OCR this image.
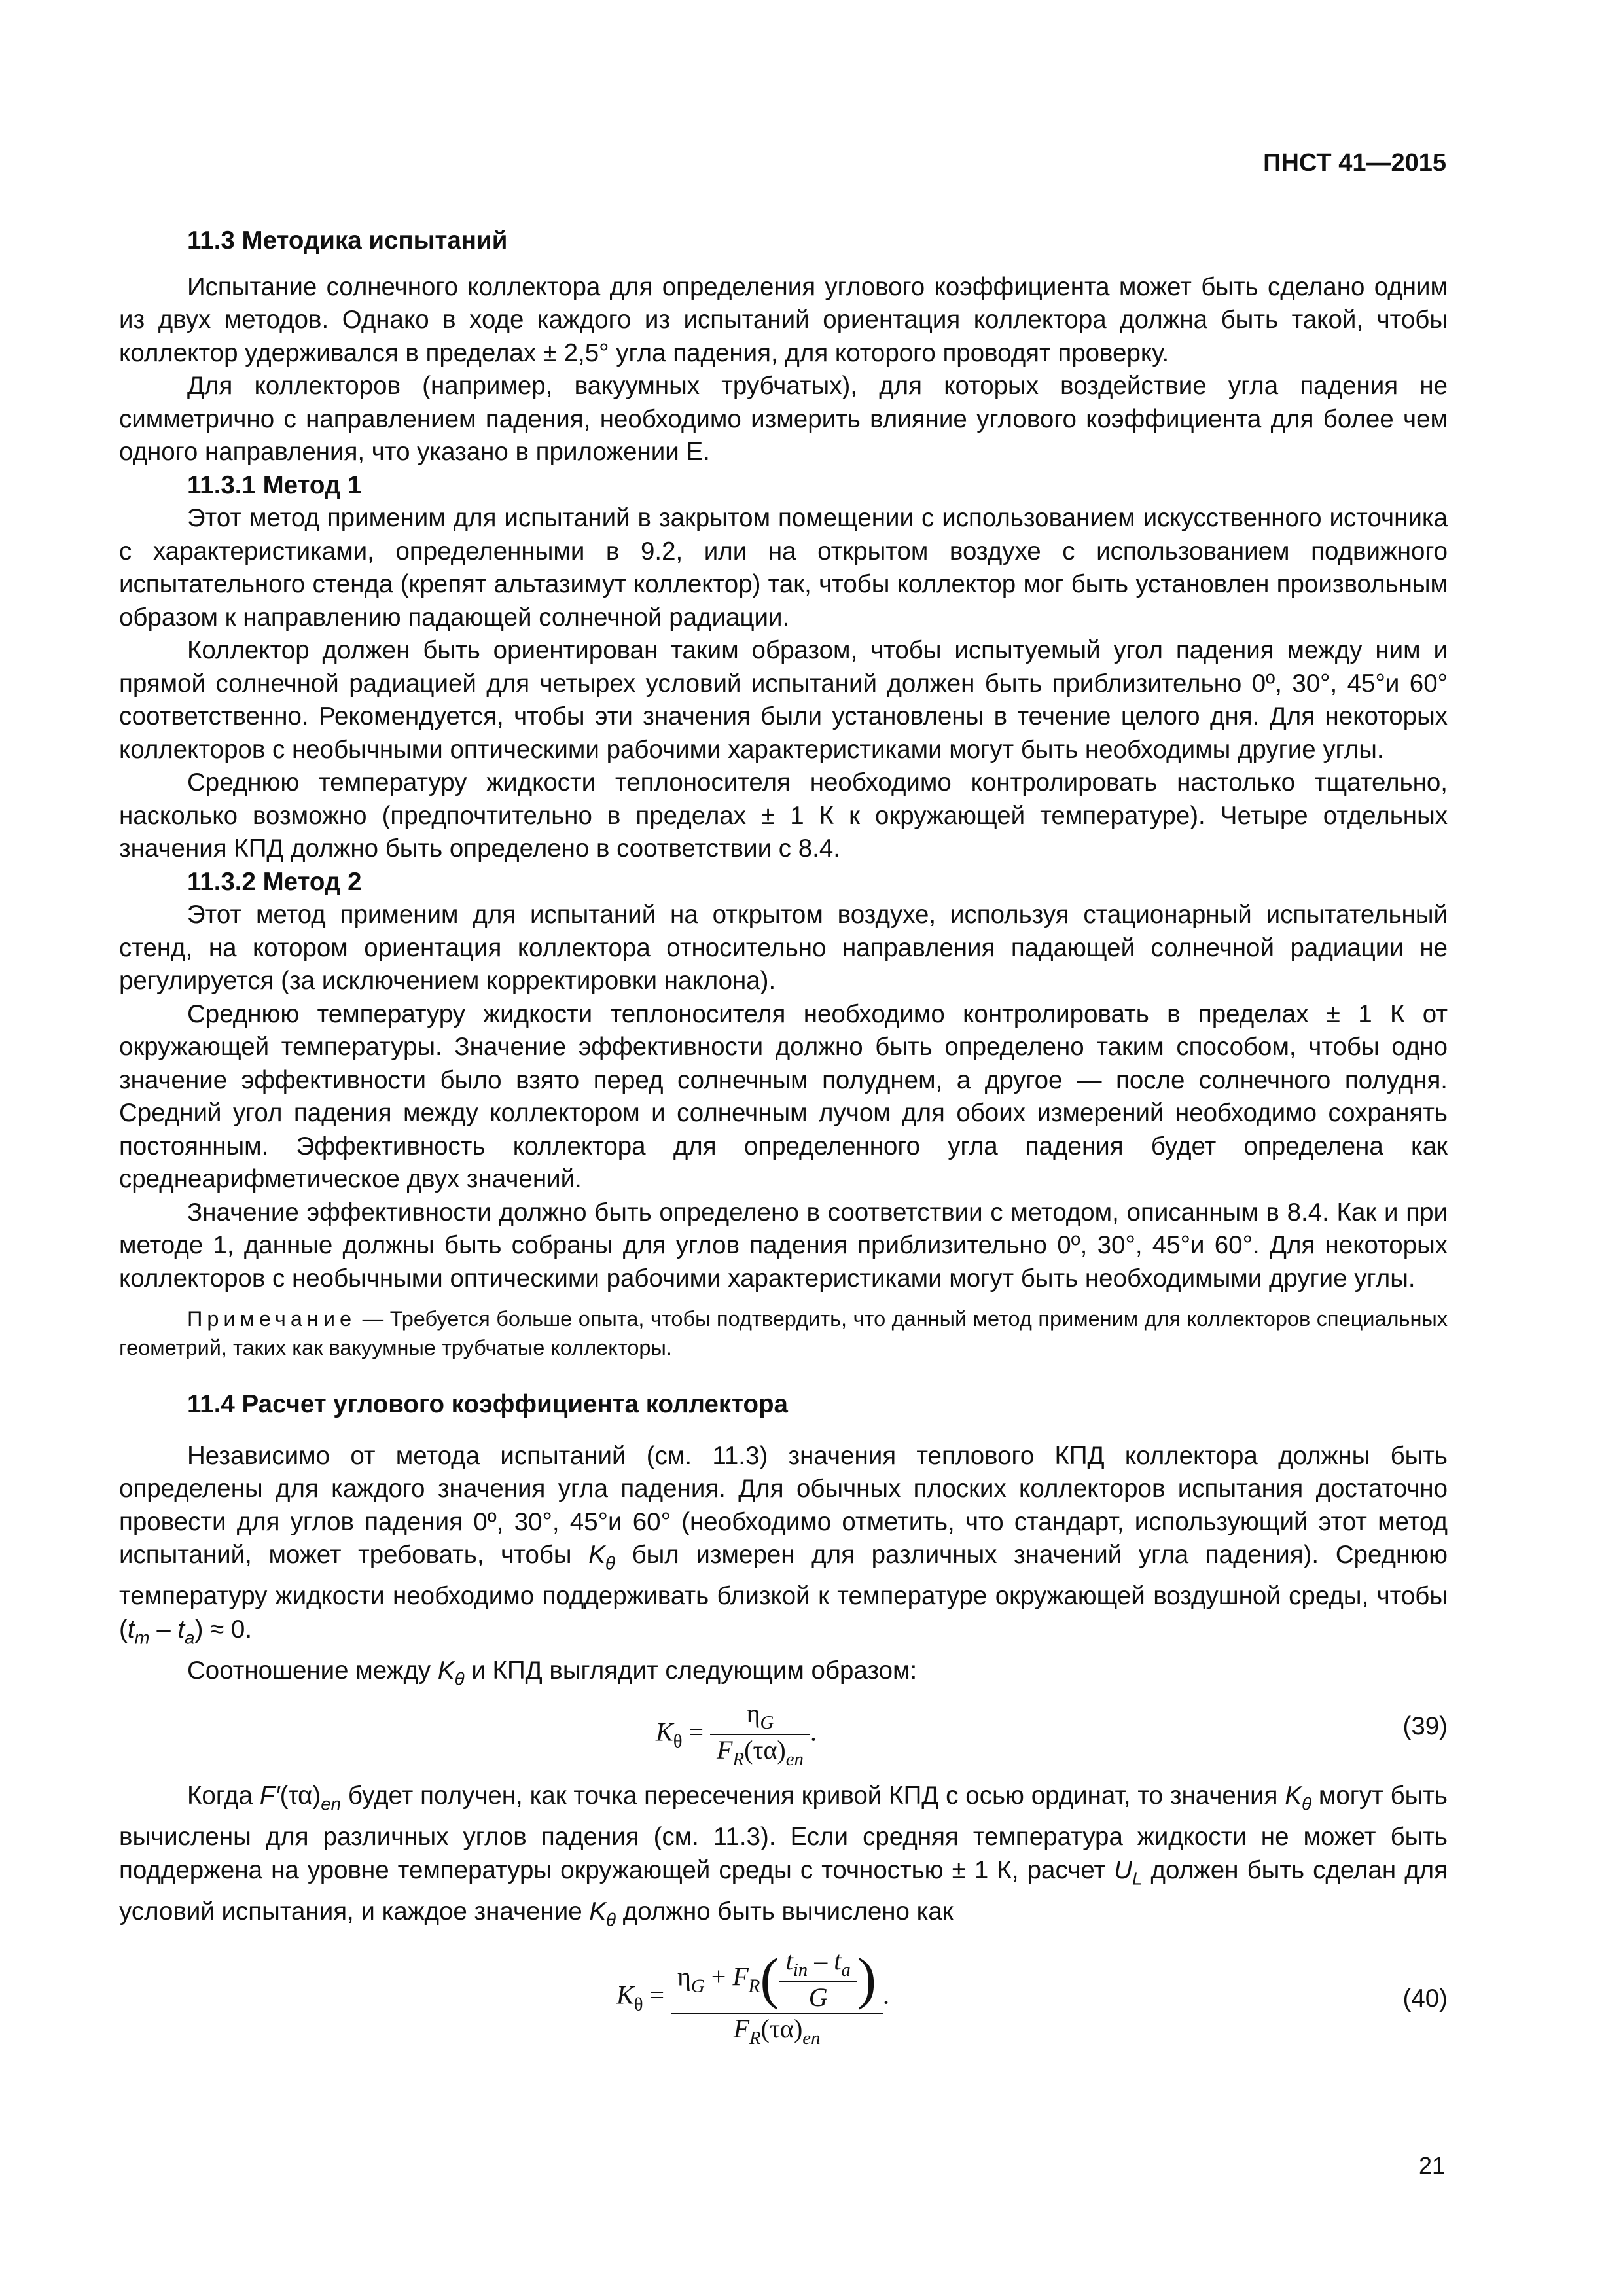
ПНСТ 41—2015

11.3 Методика испытаний

Испытание солнечного коллектора для определения углового коэффициента может быть сделано одним из двух методов. Однако в ходе каждого из испытаний ориентация коллектора должна быть такой, чтобы коллектор удерживался в пределах ± 2,5° угла падения, для которого проводят проверку.

Для коллекторов (например, вакуумных трубчатых), для которых воздействие угла падения не симметрично с направлением падения, необходимо измерить влияние углового коэффициента для более чем одного направления, что указано в приложении Е.

11.3.1 Метод 1

Этот метод применим для испытаний в закрытом помещении с использованием искусственного источника с характеристиками, определенными в 9.2, или на открытом воздухе с использованием подвижного испытательного стенда (крепят альтазимут коллектор) так, чтобы коллектор мог быть установлен произвольным образом к направлению падающей солнечной радиации.

Коллектор должен быть ориентирован таким образом, чтобы испытуемый угол падения между ним и прямой солнечной радиацией для четырех условий испытаний должен быть приблизительно 0º, 30°, 45°и 60° соответственно. Рекомендуется, чтобы эти значения были установлены в течение целого дня. Для некоторых коллекторов с необычными оптическими рабочими характеристиками могут быть необходимы другие углы.

Среднюю температуру жидкости теплоносителя необходимо контролировать настолько тщательно, насколько возможно (предпочтительно в пределах ± 1 К к окружающей температуре). Четыре отдельных значения КПД должно быть определено в соответствии с 8.4.

11.3.2 Метод 2

Этот метод применим для испытаний на открытом воздухе, используя стационарный испытательный стенд, на котором ориентация коллектора относительно направления падающей солнечной радиации не регулируется (за исключением корректировки наклона).

Среднюю температуру жидкости теплоносителя необходимо контролировать в пределах ± 1 К от окружающей температуры. Значение эффективности должно быть определено таким способом, чтобы одно значение эффективности было взято перед солнечным полуднем, а другое — после солнечного полудня. Средний угол падения между коллектором и солнечным лучом для обоих измерений необходимо сохранять постоянным. Эффективность коллектора для определенного угла падения будет определена как среднеарифметическое двух значений.

Значение эффективности должно быть определено в соответствии с методом, описанным в 8.4. Как и при методе 1, данные должны быть собраны для углов падения приблизительно 0º, 30°, 45°и 60°. Для некоторых коллекторов с необычными оптическими рабочими характеристиками могут быть необходимыми другие углы.

Примечание — Требуется больше опыта, чтобы подтвердить, что данный метод применим для коллекторов специальных геометрий, таких как вакуумные трубчатые коллекторы.

11.4 Расчет углового коэффициента коллектора

Независимо от метода испытаний (см. 11.3) значения теплового КПД коллектора должны быть определены для каждого значения угла падения. Для обычных плоских коллекторов испытания достаточно провести для углов падения 0º, 30°, 45°и 60° (необходимо отметить, что стандарт, использующий этот метод испытаний, может требовать, чтобы $K_\theta$ был измерен для различных значений угла падения). Среднюю температуру жидкости необходимо поддерживать близкой к температуре окружающей воздушной среды, чтобы $(t_m - t_a) \approx 0$.

Соотношение между $K_\theta$ и КПД выглядит следующим образом:

$K_\theta = \frac{\eta_G}{F_R(\tau\alpha)_{en}}$ .	(39)

Когда $F'(\tau\alpha)_{en}$ будет получен, как точка пересечения кривой КПД с осью ординат, то значения $K_\theta$ могут быть вычислены для различных углов падения (см. 11.3). Если средняя температура жидкости не может быть поддержена на уровне температуры окружающей среды с точностью ± 1 К, расчет $U_L$ должен быть сделан для условий испытания, и каждое значение $K_\theta$ должно быть вычислено как

$K_\theta = \frac{\eta_G + F_R( \frac{t_{in} - t_a}{G} )}{F_R(\tau\alpha)_{en}}$ .	(40)
21
